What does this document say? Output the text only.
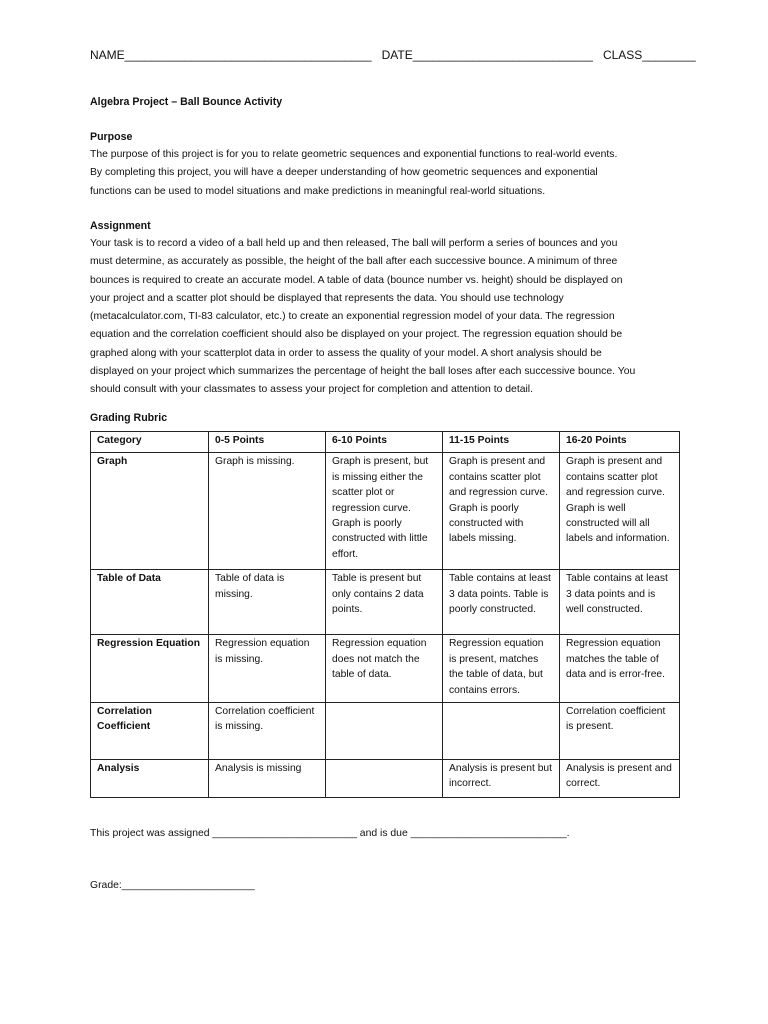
NAME_____________________________________ DATE___________________________ CLASS________
Algebra Project – Ball Bounce Activity
Purpose

The purpose of this project is for you to relate geometric sequences and exponential functions to real-world events.

By completing this project, you will have a deeper understanding of how geometric sequences and exponential

functions can be used to model situations and make predictions in meaningful real-world situations.

Assignment

Your task is to record a video of a ball held up and then released, The ball will perform a series of bounces and you

must determine, as accurately as possible, the height of the ball after each successive bounce. A minimum of three

bounces is required to create an accurate model. A table of data (bounce number vs. height) should be displayed on

your project and a scatter plot should be displayed that represents the data. You should use technology

(metacalculator.com, TI-83 calculator, etc.) to create an exponential regression model of your data. The regression

equation and the correlation coefficient should also be displayed on your project. The regression equation should be

graphed along with your scatterplot data in order to assess the quality of your model. A short analysis should be

displayed on your project which summarizes the percentage of height the ball loses after each successive bounce. You

should consult with your classmates to assess your project for completion and attention to detail.

Grading Rubric
Category	0-5 Points	6-10 Points	11-15 Points	16-20 Points
Graph	Graph is missing.	Graph is present, but is missing either the scatter plot or regression curve. Graph is poorly constructed with little effort.	Graph is present and contains scatter plot and regression curve. Graph is poorly constructed with labels missing.	Graph is present and contains scatter plot and regression curve. Graph is well constructed will all labels and information.
Table of Data	Table of data is missing.	Table is present but only contains 2 data points.	Table contains at least 3 data points. Table is poorly constructed.	Table contains at least 3 data points and is well constructed.
Regression Equation	Regression equation is missing.	Regression equation does not match the table of data.	Regression equation is present, matches the table of data, but contains errors.	Regression equation matches the table of data and is error-free.
Correlation Coefficient	Correlation coefficient is missing.			Correlation coefficient is present.
Analysis	Analysis is missing		Analysis is present but incorrect.	Analysis is present and correct.
This project was assigned _________________________ and is due ___________________________.
Grade:_______________________
